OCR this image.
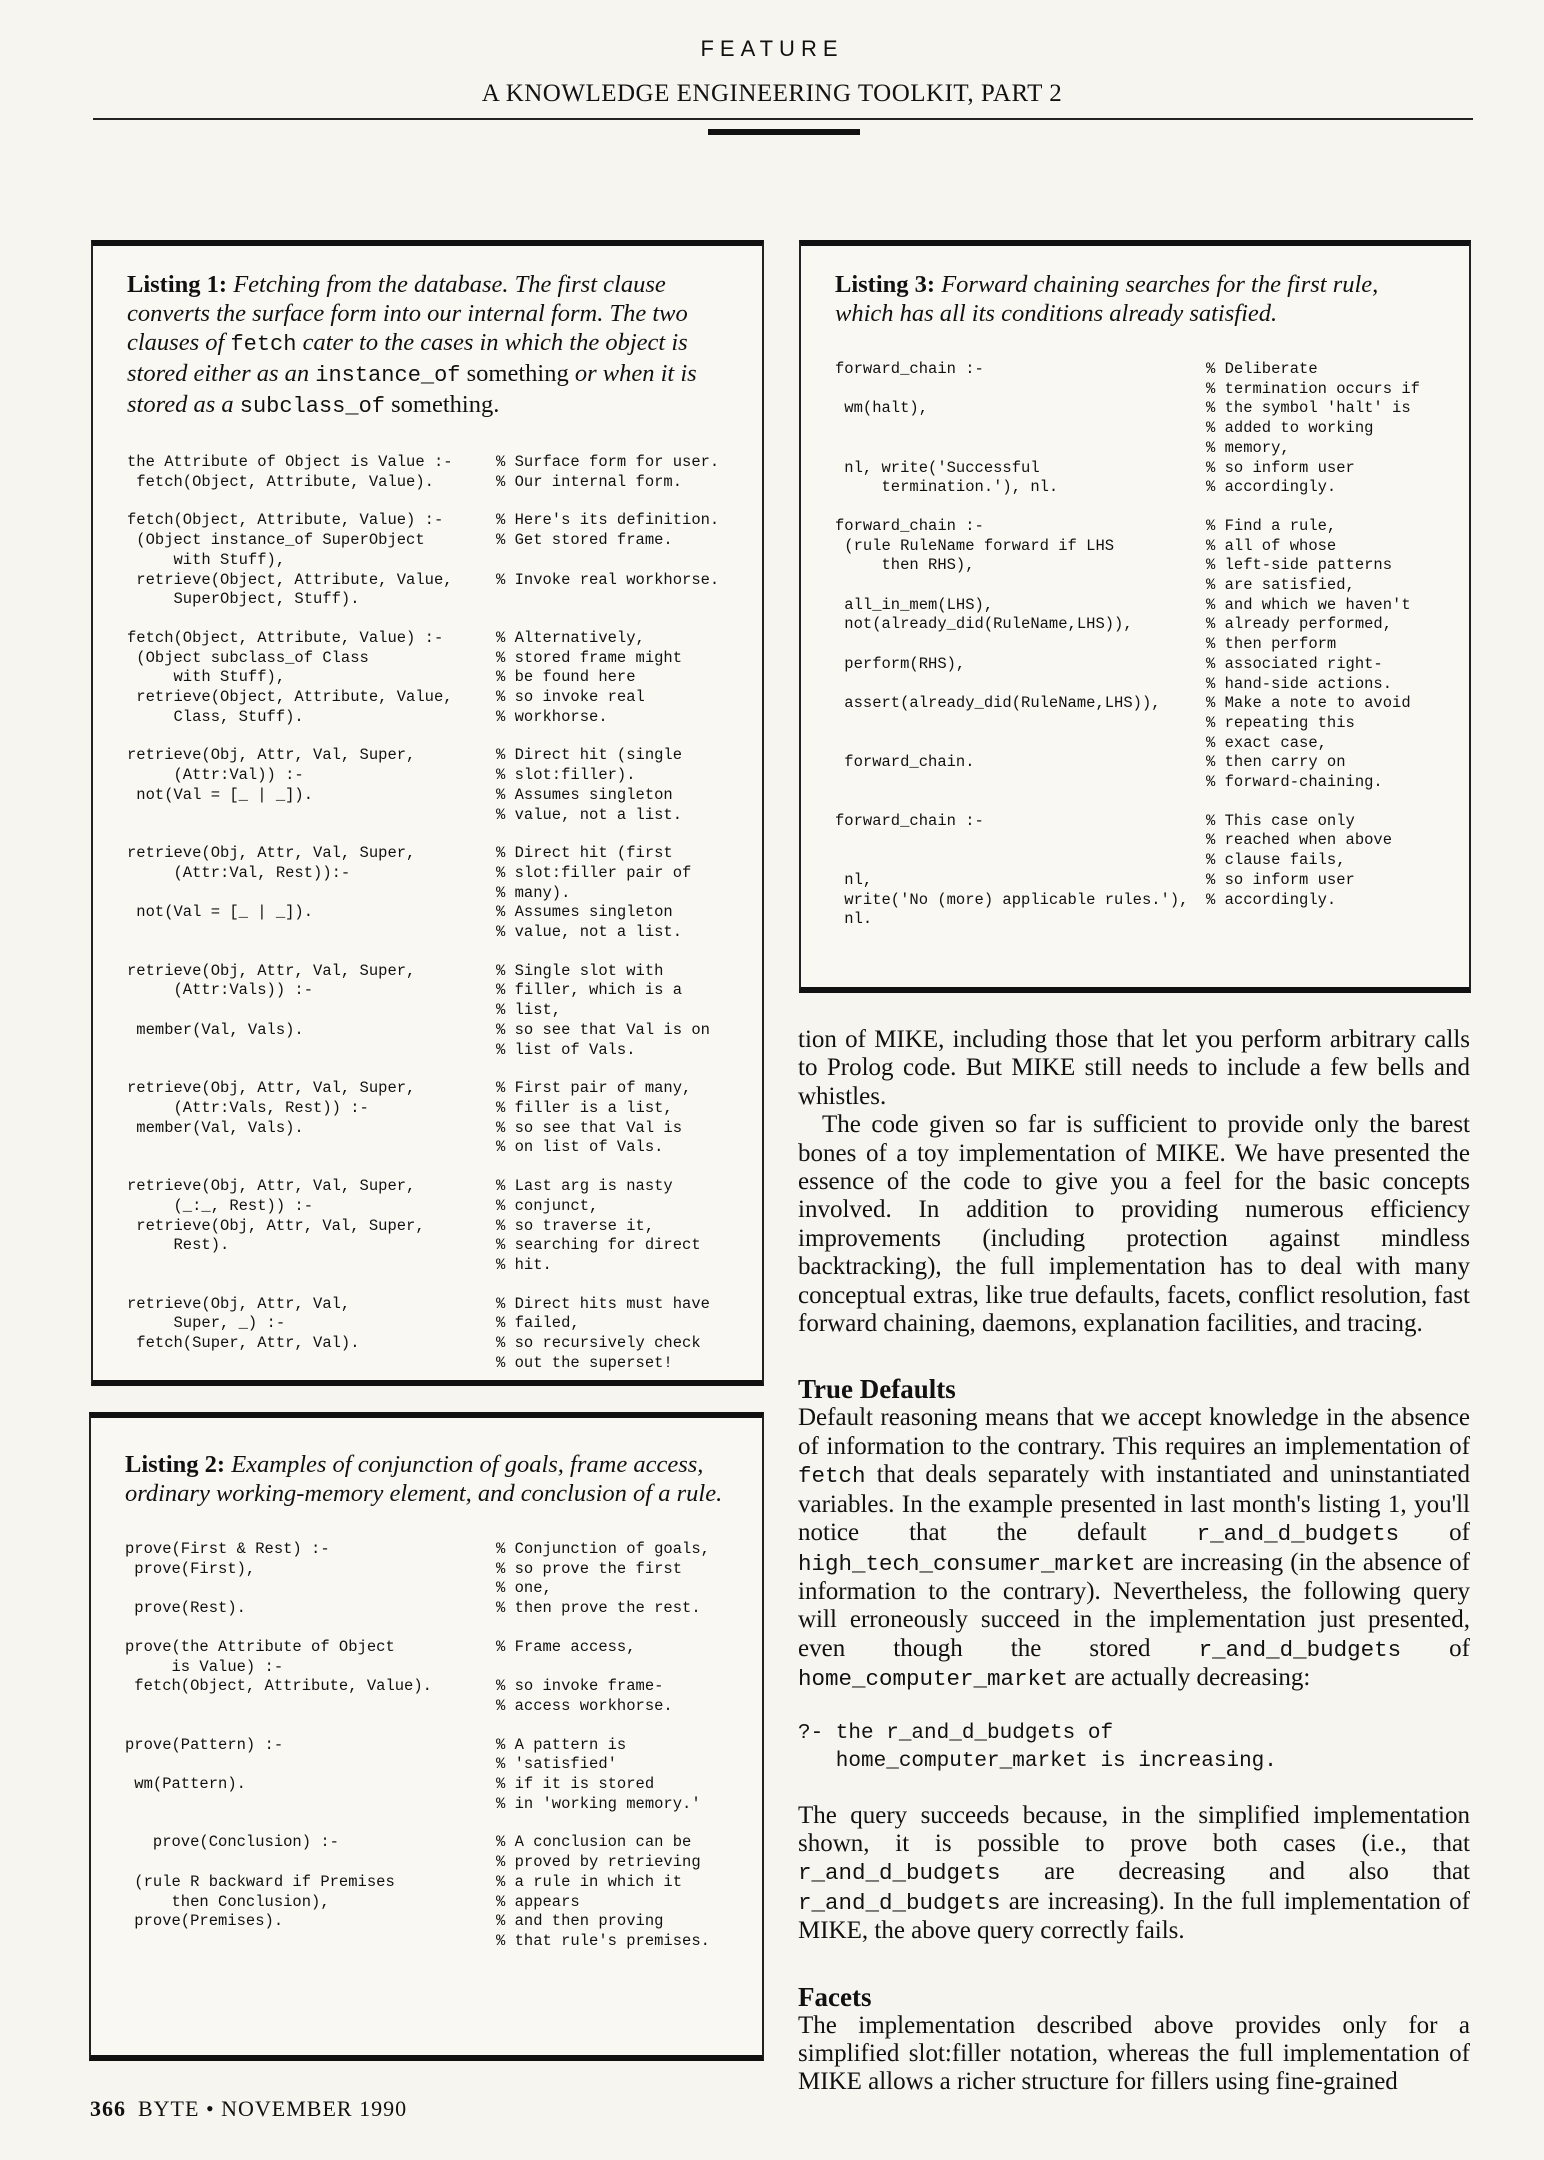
FEATURE
A KNOWLEDGE ENGINEERING TOOLKIT, PART 2

Listing 1: Fetching from the database. The first clause converts the surface form into our internal form. The two clauses of fetch cater to the cases in which the object is stored either as an instance_of something or when it is stored as a subclass_of something.

the Attribute of Object is Value :-
fetch(Object, Attribute, Value).
% Surface form for user.
% Our internal form.
fetch(Object, Attribute, Value) :-
(Object instance_of SuperObject
with Stuff),
retrieve(Object, Attribute, Value,
SuperObject, Stuff).
% Here's its definition.
% Get stored frame.

% Invoke real workhorse.
fetch(Object, Attribute, Value) :-
(Object subclass_of Class
with Stuff),
retrieve(Object, Attribute, Value,
Class, Stuff).
% Alternatively,
% stored frame might
% be found here
% so invoke real
% workhorse.
retrieve(Obj, Attr, Val, Super,
(Attr:Val)) :-
not(Val = [_ | _]).
% Direct hit (single
% slot:filler).
% Assumes singleton
% value, not a list.
retrieve(Obj, Attr, Val, Super,
(Attr:Val, Rest)):-

not(Val = [_ | _]).
% Direct hit (first
% slot:filler pair of
% many).
% Assumes singleton
% value, not a list.
retrieve(Obj, Attr, Val, Super,
(Attr:Vals)) :-

member(Val, Vals).
% Single slot with
% filler, which is a
% list,
% so see that Val is on
% list of Vals.
retrieve(Obj, Attr, Val, Super,
(Attr:Vals, Rest)) :-
member(Val, Vals).
% First pair of many,
% filler is a list,
% so see that Val is
% on list of Vals.
retrieve(Obj, Attr, Val, Super,
(_:_, Rest)) :-
retrieve(Obj, Attr, Val, Super,
Rest).
% Last arg is nasty
% conjunct,
% so traverse it,
% searching for direct
% hit.
retrieve(Obj, Attr, Val,
Super, _) :-
fetch(Super, Attr, Val).
% Direct hits must have
% failed,
% so recursively check
% out the superset!

Listing 2: Examples of conjunction of goals, frame access, ordinary working-memory element, and conclusion of a rule.

prove(First & Rest) :-
prove(First),

prove(Rest).
% Conjunction of goals,
% so prove the first
% one,
% then prove the rest.
prove(the Attribute of Object
is Value) :-
fetch(Object, Attribute, Value).
% Frame access,

% so invoke frame-
% access workhorse.
prove(Pattern) :-

wm(Pattern).
% A pattern is
% 'satisfied'
% if it is stored
% in 'working memory.'
prove(Conclusion) :-

(rule R backward if Premises
then Conclusion),
prove(Premises).
% A conclusion can be
% proved by retrieving
% a rule in which it
% appears
% and then proving
% that rule's premises.

Listing 3: Forward chaining searches for the first rule, which has all its conditions already satisfied.

forward_chain :-

wm(halt),

nl, write('Successful
termination.'), nl.
% Deliberate
% termination occurs if
% the symbol 'halt' is
% added to working
% memory,
% so inform user
% accordingly.
forward_chain :-
(rule RuleName forward if LHS
then RHS),

all_in_mem(LHS),
not(already_did(RuleName,LHS)),

perform(RHS),

assert(already_did(RuleName,LHS)),

forward_chain.
% Find a rule,
% all of whose
% left-side patterns
% are satisfied,
% and which we haven't
% already performed,
% then perform
% associated right-
% hand-side actions.
% Make a note to avoid
% repeating this
% exact case,
% then carry on
% forward-chaining.
forward_chain :-

nl,
write('No (more) applicable rules.'),
nl.
% This case only
% reached when above
% clause fails,
% so inform user
% accordingly.

tion of MIKE, including those that let you perform arbitrary calls to Prolog code. But MIKE still needs to include a few bells and whistles.

The code given so far is sufficient to provide only the barest bones of a toy implementation of MIKE. We have presented the essence of the code to give you a feel for the basic concepts involved. In addition to providing numerous efficiency improvements (including protection against mindless backtracking), the full implementation has to deal with many conceptual extras, like true defaults, facets, conflict resolution, fast forward chaining, daemons, explanation facilities, and tracing.

True Defaults

Default reasoning means that we accept knowledge in the absence of information to the contrary. This requires an implementation of fetch that deals separately with instantiated and uninstantiated variables. In the example presented in last month's listing 1, you'll notice that the default r_and_d_budgets of high_tech_consumer_market are increasing (in the absence of information to the contrary). Nevertheless, the following query will erroneously succeed in the implementation just presented, even though the stored r_and_d_budgets of home_computer_market are actually decreasing:

?- the r_and_d_budgets of
home_computer_market is increasing.

The query succeeds because, in the simplified implementation shown, it is possible to prove both cases (i.e., that r_and_d_budgets are decreasing and also that r_and_d_budgets are increasing). In the full implementation of MIKE, the above query correctly fails.

Facets

The implementation described above provides only for a simplified slot:filler notation, whereas the full implementation of MIKE allows a richer structure for fillers using fine-grained

366 BYTE • NOVEMBER 1990
